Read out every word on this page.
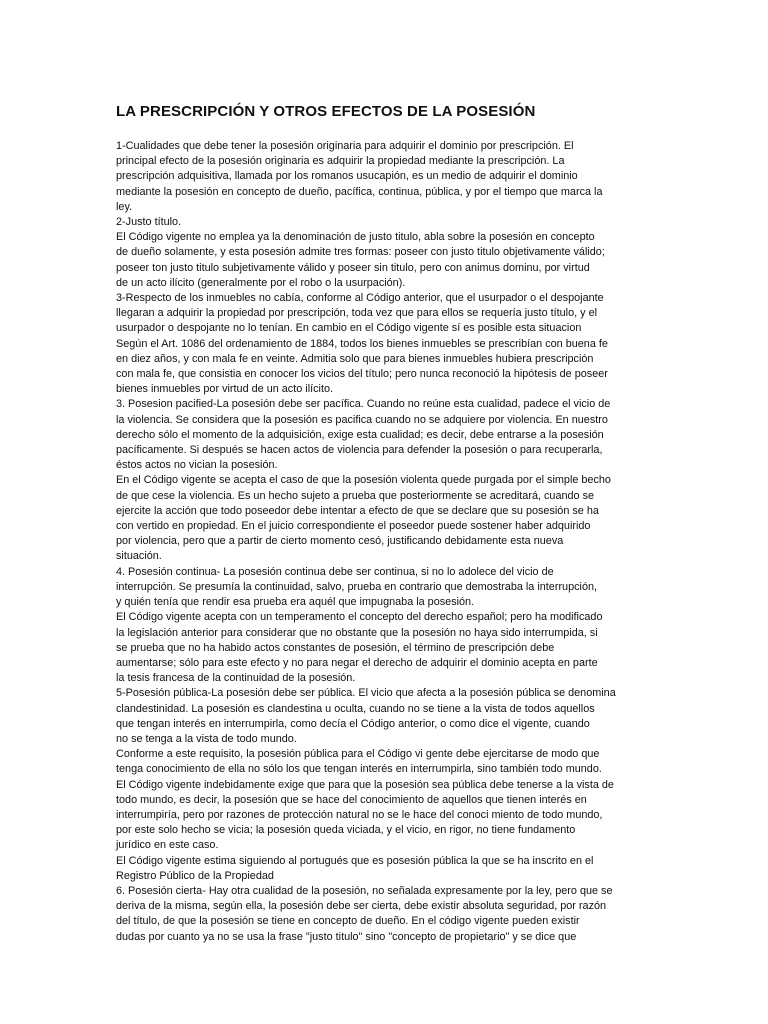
LA PRESCRIPCIÓN Y OTROS EFECTOS DE LA POSESIÓN
1-Cualidades que debe tener la posesión originaria para adquirir el dominio por prescripción. El
principal efecto de la posesión originaria es adquirir la propiedad mediante la prescripción. La
prescripción adquisitiva, llamada por los romanos usucapión, es un medio de adquirir el dominio
mediante la posesión en concepto de dueño, pacífica, continua, pública, y por el tiempo que marca la
ley.
2-Justo título.
El Código vigente no emplea ya la denominación de justo titulo, abla sobre la posesión en concepto
de dueño solamente, y esta posesión admite tres formas: poseer con justo titulo objetivamente válido;
poseer ton justo titulo subjetivamente válido y poseer sin titulo, pero con animus dominu, por virtud
de un acto ilícito (generalmente por el robo o la usurpación).
3-Respecto de los inmuebles no cabía, conforme al Código anterior, que el usurpador o el despojante
llegaran a adquirir la propiedad por prescripción, toda vez que para ellos se requería justo título, y el
usurpador o despojante no lo tenían. En cambio en el Código vigente sí es posible esta situacion
Según el Art. 1086 del ordenamiento de 1884, todos los bienes inmuebles se prescribían con buena fe
en diez años, y con mala fe en veinte. Admitia solo que para bienes inmuebles hubiera prescripción
con mala fe, que consistia en conocer los vicios del título; pero nunca reconoció la hipótesis de poseer
bienes inmuebles por virtud de un acto ilícito.
3. Posesion pacified-La posesión debe ser pacífica. Cuando no reúne esta cualidad, padece el vicio de
la violencia. Se considera que la posesión es pacifica cuando no se adquiere por violencia. En nuestro
derecho sólo el momento de la adquisición, exige esta cualidad; es decir, debe entrarse a la posesión
pacíficamente. Si después se hacen actos de violencia para defender la posesión o para recuperarla,
éstos actos no vician la posesión.
En el Código vigente se acepta el caso de que la posesión violenta quede purgada por el simple becho
de que cese la violencia. Es un hecho sujeto a prueba que posteriormente se acreditará, cuando se
ejercite la acción que todo poseedor debe intentar a efecto de que se declare que su posesión se ha
con vertido en propiedad. En el juicio correspondiente el poseedor puede sostener haber adquirido
por violencia, pero que a partir de cierto momento cesó, justificando debidamente esta nueva
situación.
4. Posesión continua- La posesión continua debe ser continua, si no lo adolece del vicio de
interrupción. Se presumía la continuidad, salvo, prueba en contrario que demostraba la interrupción,
y quién tenía que rendir esa prueba era aquél que impugnaba la posesión.
El Código vigente acepta con un temperamento el concepto del derecho español; pero ha modificado
la legislación anterior para considerar que no obstante que la posesión no haya sido interrumpida, si
se prueba que no ha habido actos constantes de posesión, el término de prescripción debe
aumentarse; sólo para este efecto y no para negar el derecho de adquirir el dominio acepta en parte
la tesis francesa de la continuidad de la posesión.
5-Posesión pública-La posesión debe ser pública. El vicio que afecta a la posesión pública se denomina
clandestinidad. La posesión es clandestina u oculta, cuando no se tiene a la vista de todos aquellos
que tengan interés en interrumpirla, como decía el Código anterior, o como dice el vigente, cuando
no se tenga a la vista de todo mundo.
Conforme a este requisito, la posesión pública para el Código vi gente debe ejercitarse de modo que
tenga conocimiento de ella no sólo los que tengan interés en interrumpirla, sino también todo mundo.
El Código vigente indebidamente exige que para que la posesión sea pública debe tenerse a la vista de
todo mundo, es decir, la posesión que se hace del conocimiento de aquellos que tienen interés en
interrumpiría, pero por razones de protección natural no se le hace del conoci miento de todo mundo,
por este solo hecho se vicia; la posesión queda viciada, y el vicio, en rigor, no tiene fundamento
jurídico en este caso.
El Código vigente estima siguiendo al portugués que es posesión pública la que se ha inscrito en el
Registro Público de la Propiedad
6. Posesión cierta- Hay otra cualidad de la posesión, no señalada expresamente por la ley, pero que se
deriva de la misma, según ella, la posesión debe ser cierta, debe existir absoluta seguridad, por razón
del título, de que la posesión se tiene en concepto de dueño. En el código vigente pueden existir
dudas por cuanto ya no se usa la frase "justo titulo" sino "concepto de propietario" y se dice que
